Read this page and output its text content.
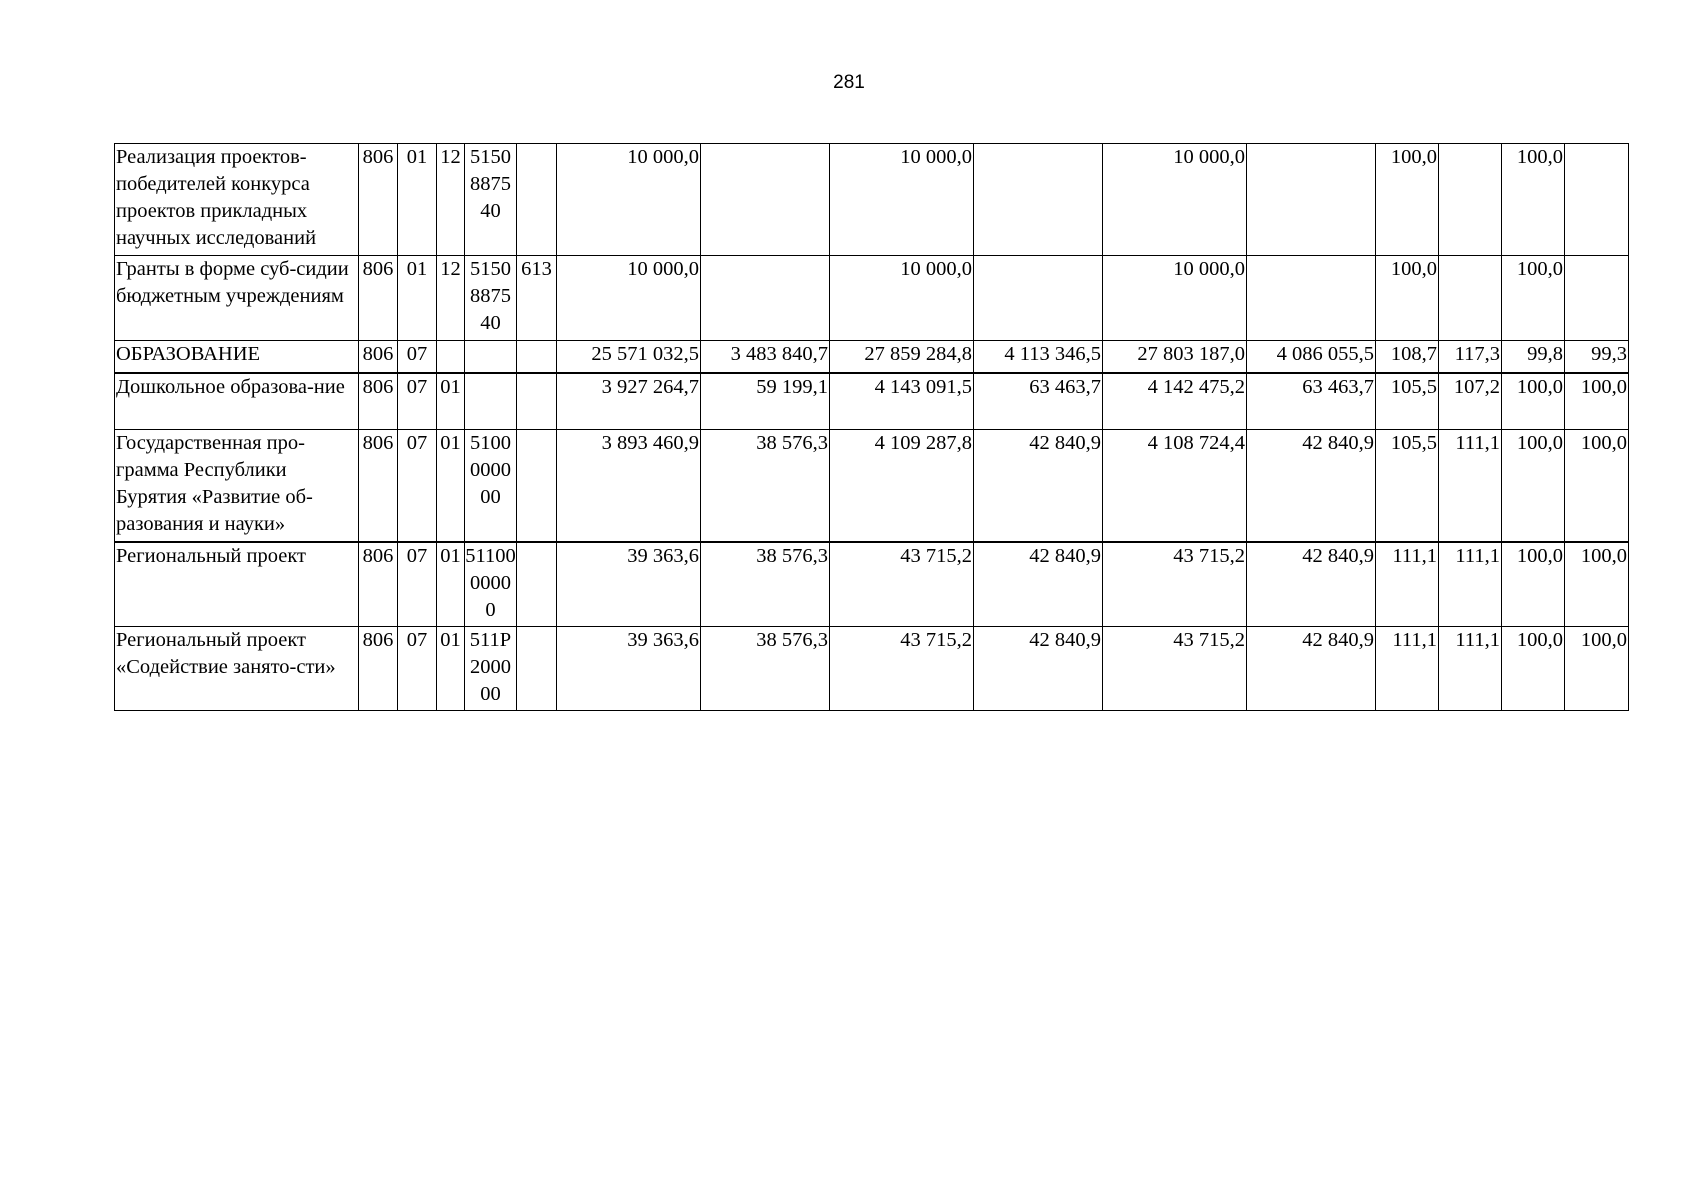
281
Реализация проектов-победителей конкурса проектов прикладных научных исследований	806	01	12	5150887540		10 000,0		10 000,0		10 000,0		100,0		100,0	
Гранты в форме суб-сидии бюджетным учреждениям	806	01	12	5150887540	613	10 000,0		10 000,0		10 000,0		100,0		100,0	
ОБРАЗОВАНИЕ	806	07				25 571 032,5	3 483 840,7	27 859 284,8	4 113 346,5	27 803 187,0	4 086 055,5	108,7	117,3	99,8	99,3
Дошкольное образова-ние	806	07	01			3 927 264,7	59 199,1	4 143 091,5	63 463,7	4 142 475,2	63 463,7	105,5	107,2	100,0	100,0
Государственная про-грамма Республики Бурятия «Развитие об-разования и науки»	806	07	01	5100000000		3 893 460,9	38 576,3	4 109 287,8	42 840,9	4 108 724,4	42 840,9	105,5	111,1	100,0	100,0
Региональный проект	806	07	01	5110000000		39 363,6	38 576,3	43 715,2	42 840,9	43 715,2	42 840,9	111,1	111,1	100,0	100,0
Региональный проект «Содействие занято-сти»	806	07	01	511P200000		39 363,6	38 576,3	43 715,2	42 840,9	43 715,2	42 840,9	111,1	111,1	100,0	100,0
